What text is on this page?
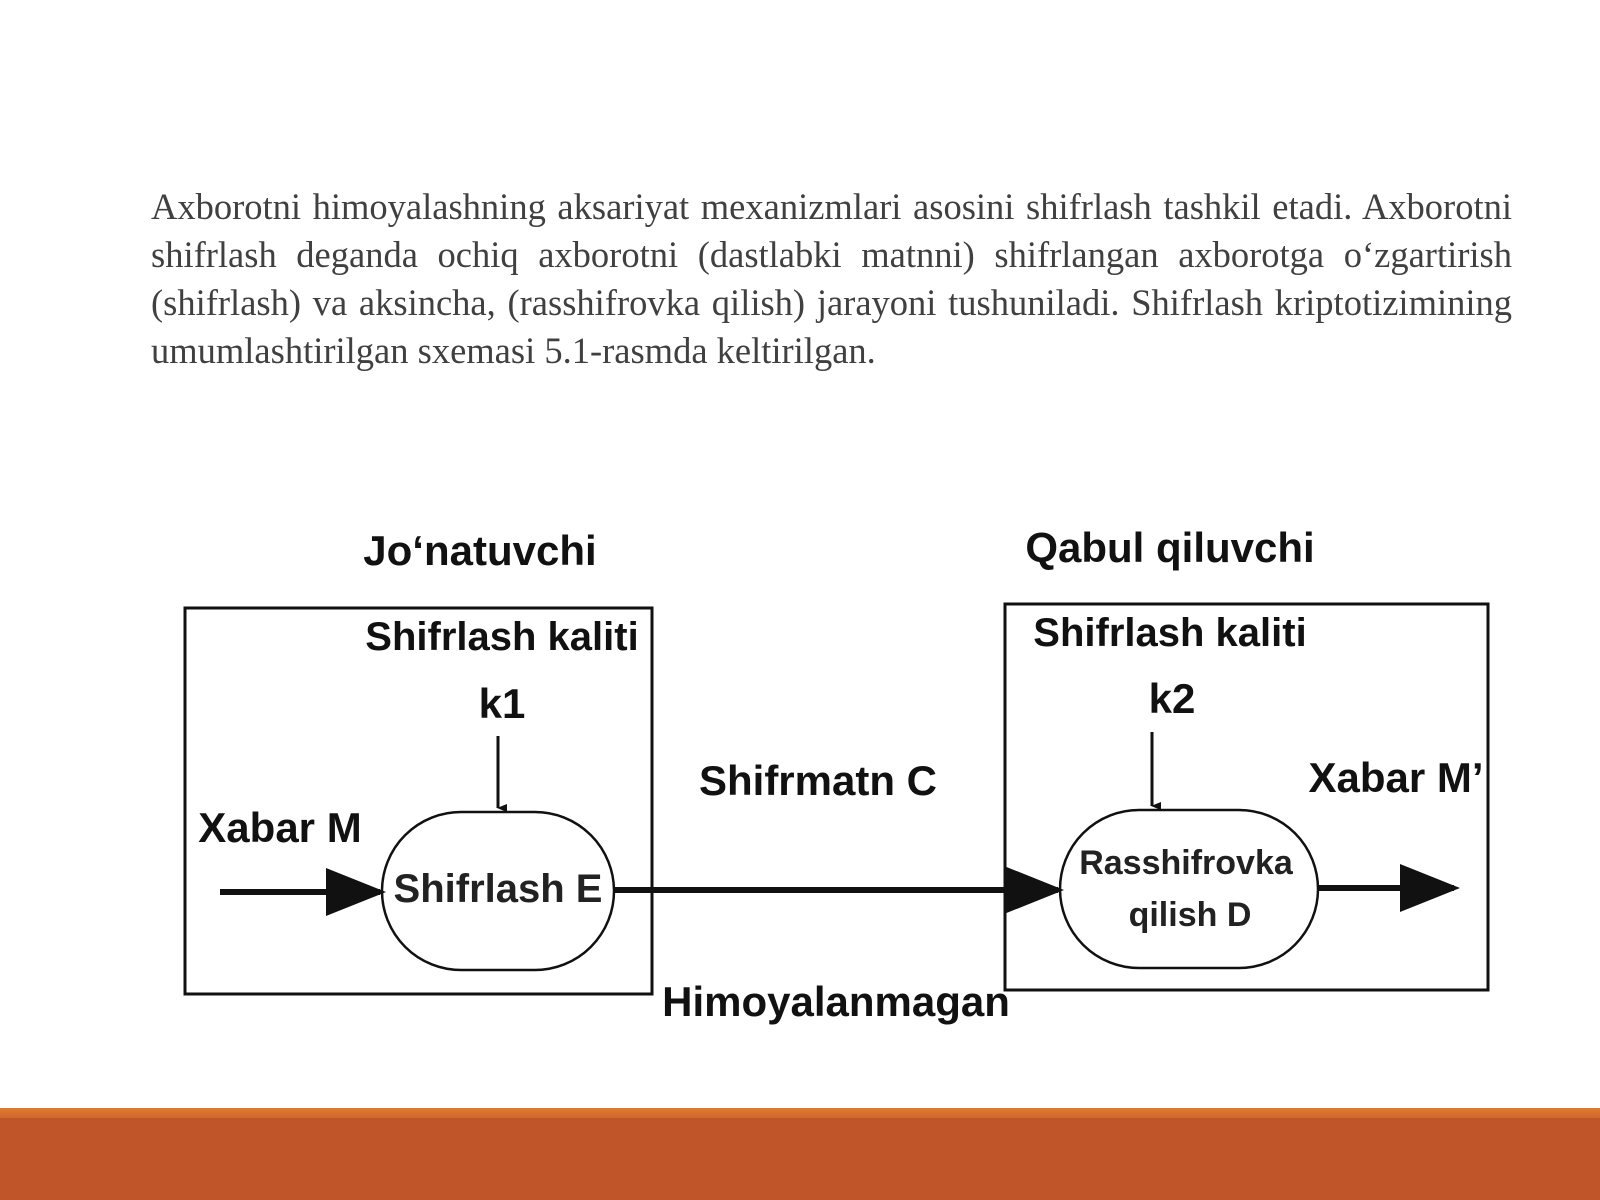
Axborotni himoyalashning aksariyat mexanizmlari asosini shifrlash tashkil etadi. Axborotni shifrlash deganda ochiq axborotni (dastlabki matnni) shifrlangan axborotga o‘zgartirish (shifrlash) va aksincha, (rasshifrovka qilish) jarayoni tushuniladi. Shifrlash kriptotizimining umumlashtirilgan sxemasi 5.1-rasmda keltirilgan.

Jo‘natuvchi	Qabul qiluvchi
Shifrlash kaliti
k1
Shifrlash kaliti
k2
Shifrlash E
Rasshifrovka
qilish D
Xabar M
Shifrmatn C
Himoyalanmagan
Xabar M’
